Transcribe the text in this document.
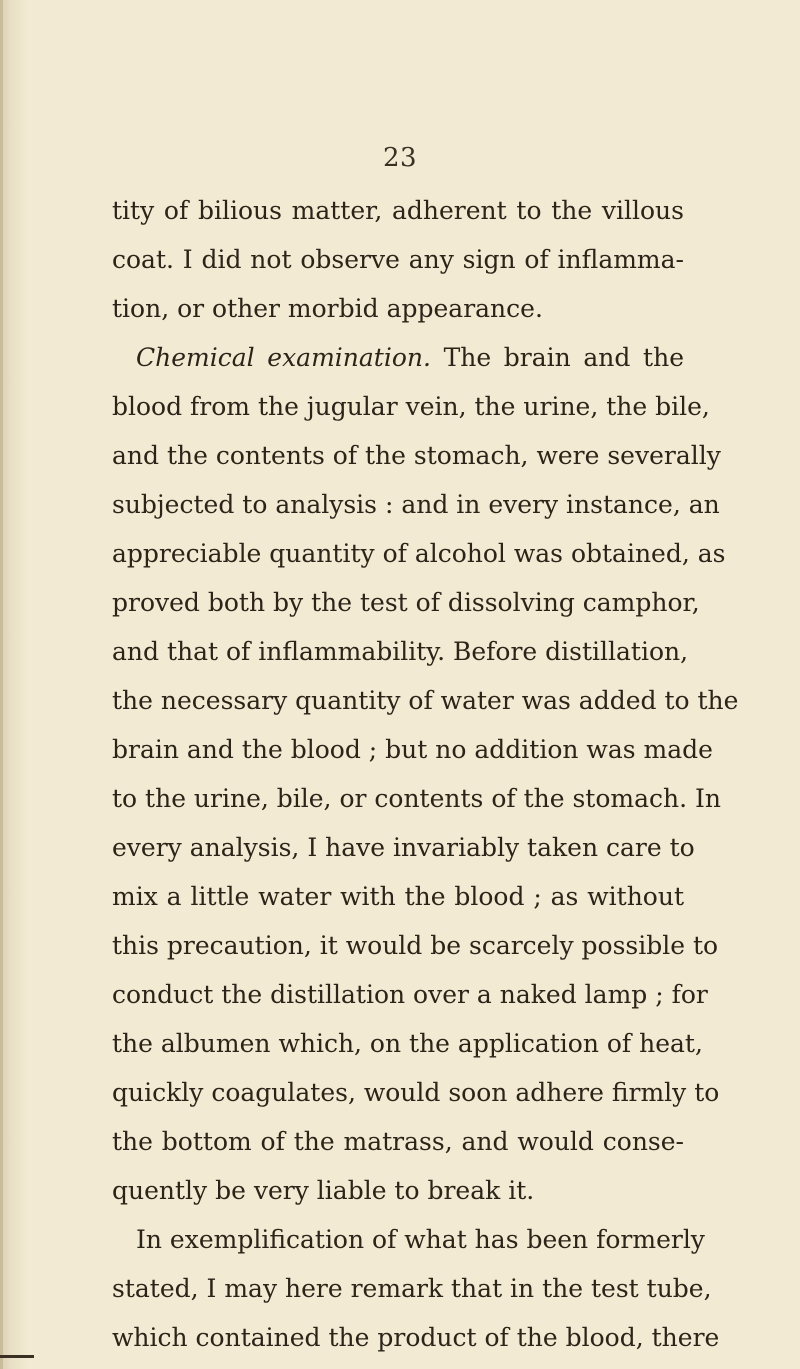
23
tity of bilious matter, adherent to the villous
coat. I did not observe any sign of inflamma-
tion, or other morbid appearance.
Chemical examination. The brain and the
blood from the jugular vein, the urine, the bile,
and the contents of the stomach, were severally
subjected to analysis : and in every instance, an
appreciable quantity of alcohol was obtained, as
proved both by the test of dissolving camphor,
and that of inflammability. Before distillation,
the necessary quantity of water was added to the
brain and the blood ; but no addition was made
to the urine, bile, or contents of the stomach. In
every analysis, I have invariably taken care to
mix a little water with the blood ; as without
this precaution, it would be scarcely possible to
conduct the distillation over a naked lamp ; for
the albumen which, on the application of heat,
quickly coagulates, would soon adhere firmly to
the bottom of the matrass, and would conse-
quently be very liable to break it.
In exemplification of what has been formerly
stated, I may here remark that in the test tube,
which contained the product of the blood, there
